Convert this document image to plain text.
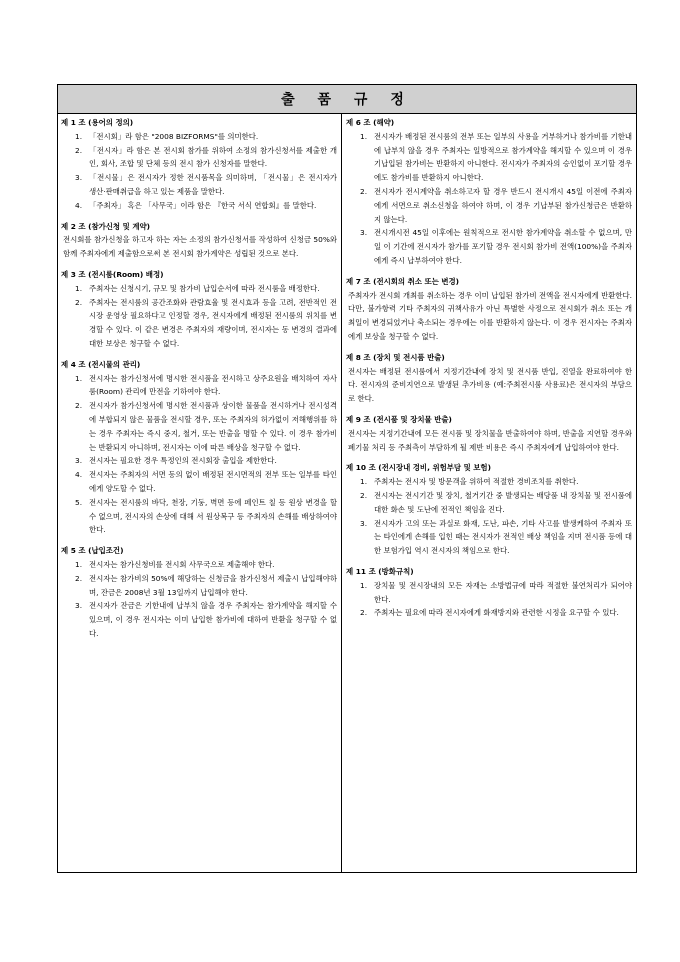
출 품 규 정
제 1 조 (용어의 정의)
1. 「전시회」라 함은 "2008 BIZFORMS"를 의미한다.
2. 「전시자」라 함은 본 전시회 참가를 위하여 소정의 참가신청서를 제출한 개인, 회사, 조합 및 단체 등의 전시 참가 신청자를 말한다.
3. 「전시물」은 전시자가 정한 전시품목을 의미하며, 「전시물」은 전시자가 생산·판매취급을 하고 있는 제품을 말한다.
4. 「주최자」 혹은 「사무국」이라 함은 『한국 서식 연합회』를 말한다.
제 2 조 (참가신청 및 계약)
전시회를 참가신청을 하고자 하는 자는 소정의 참가신청서를 작성하여 신청금 50%와 함께 주최자에게 제출함으로써 본 전시회 참가계약은 성립된 것으로 본다.
제 3 조 (전시룸(Room) 배정)
1. 주최자는 신청시기, 규모 및 참가비 납입순서에 따라 전시룸을 배정한다.
2. 주최자는 전시룸의 공간조화와 관람효율 및 전시효과 등을 고려, 전반적인 전시장 운영상 필요하다고 인정할 경우, 전시자에게 배정된 전시룸의 위치를 변경할 수 있다. 이 같은 변경은 주최자의 재량이며, 전시자는 동 변경의 결과에 대한 보상은 청구할 수 없다.
제 4 조 (전시물의 관리)
1. 전시자는 참가신청서에 명시한 전시품을 전시하고 상주요원을 배치하여 자사룸(Room) 관리에 만전을 기하여야 한다.
2. 전시자가 참가신청서에 명시한 전시품과 상이한 물품을 전시하거나 전시성격에 부합되지 않은 물품을 전시할 경우, 또는 주최자의 허가없이 저해행위를 하는 경우 주최자는 즉시 중지, 철거, 또는 반출을 명할 수 있다. 이 경우 참가비는 반환되지 아니하며, 전시자는 이에 따른 배상을 청구할 수 없다.
3. 전시자는 필요한 경우 특정인의 전시회장 출입을 제한한다.
4. 전시자는 주최자의 서면 동의 없이 배정된 전시면적의 전부 또는 일부를 타인에게 양도할 수 없다.
5. 전시자는 전시룸의 바닥, 천장, 기둥, 벽면 등에 페인트 칠 등 원상 변경을 할 수 없으며, 전시자의 손상에 대해 서 원상복구 등 주최자의 손해를 배상하여야 한다.
제 5 조 (납입조건)
1. 전시자는 참가신청비를 전시회 사무국으로 제출해야 한다.
2. 전시자는 참가비의 50%에 해당하는 신청금을 참가신청서 제출시 납입해야하며, 잔금은 2008년 3월 13일까지 납입해야 한다.
3. 전시자가 잔금은 기한내에 납부치 않을 경우 주최자는 참가계약을 해지할 수 있으며, 이 경우 전시자는 이미 납입한 참가비에 대하여 반환을 청구할 수 없다.
제 6 조 (해약)
1. 전시자가 배정된 전시룸의 전부 또는 일부의 사용을 거부하거나 참가비를 기한내에 납부치 않을 경우 주최자는 일방적으로 참가계약을 해지할 수 있으며 이 경우 기납입된 참가비는 반환하지 아니한다. 전시자가 주최자의 승인없이 포기할 경우에도 참가비를 반환하지 아니한다.
2. 전시자가 전시계약을 취소하고자 할 경우 반드시 전시개시 45일 이전에 주최자에게 서면으로 취소신청을 하여야 하며, 이 경우 기납부된 참가신청금은 반환하지 않는다.
3. 전시개시전 45일 이후에는 원칙적으로 전시한 참가계약을 취소할 수 없으며, 만일 이 기간에 전시자가 참가를 포기할 경우 전시회 참가비 전액(100%)을 주최자에게 즉시 납부하여야 한다.
제 7 조 (전시회의 취소 또는 변경)
주최자가 전시회 개최를 취소하는 경우 이미 납입된 참가비 전액을 전시자에게 반환한다. 다만, 불가항력 기타 주최자의 귀책사유가 아닌 특별한 사정으로 전시회가 취소 또는 개최일이 변경되었거나 축소되는 경우에는 이를 반환하지 않는다. 이 경우 전시자는 주최자에게 보상을 청구할 수 없다.
제 8 조 (장치 및 전시품 반출)
전시자는 배정된 전시룸에서 지정기간내에 장치 및 전시품 반입, 진열을 완료하여야 한다. 전시자의 준비지연으로 발생된 추가비용 (예:주최전시룸 사용료)은 전시자의 부담으로 한다.
제 9 조 (전시품 및 장치물 반출)
전시자는 지정기간내에 모든 전시품 및 장치물을 반출하여야 하며, 반출을 지연할 경우와 폐기물 처리 등 주최측이 부담하게 될 제반 비용은 즉시 주최자에게 납입하여야 한다.
제 10 조 (전시장내 경비, 위험부담 및 보험)
1. 주최자는 전시자 및 방문객을 위하여 적절한 경비조치를 취한다.
2. 전시자는 전시기간 및 장치, 철거기간 중 발생되는 배당품 내 장치물 및 전시품에 대한 화손 및 도난에 전적인 책임을 진다.
3. 전시자가 고의 또는 과실로 화재, 도난, 파손, 기타 사고를 발생케하여 주최자 또는 타인에게 손해를 입힌 때는 전시자가 전적인 배상 책임을 지며 전시품 등에 대한 보험가입 역시 전시자의 책임으로 한다.
제 11 조 (방화규칙)
1. 장치물 및 전시장내의 모든 자재는 소방법규에 따라 적절한 불연처리가 되어야 한다.
2. 주최자는 필요에 따라 전시자에게 화재방지와 관련한 시정을 요구할 수 있다.
